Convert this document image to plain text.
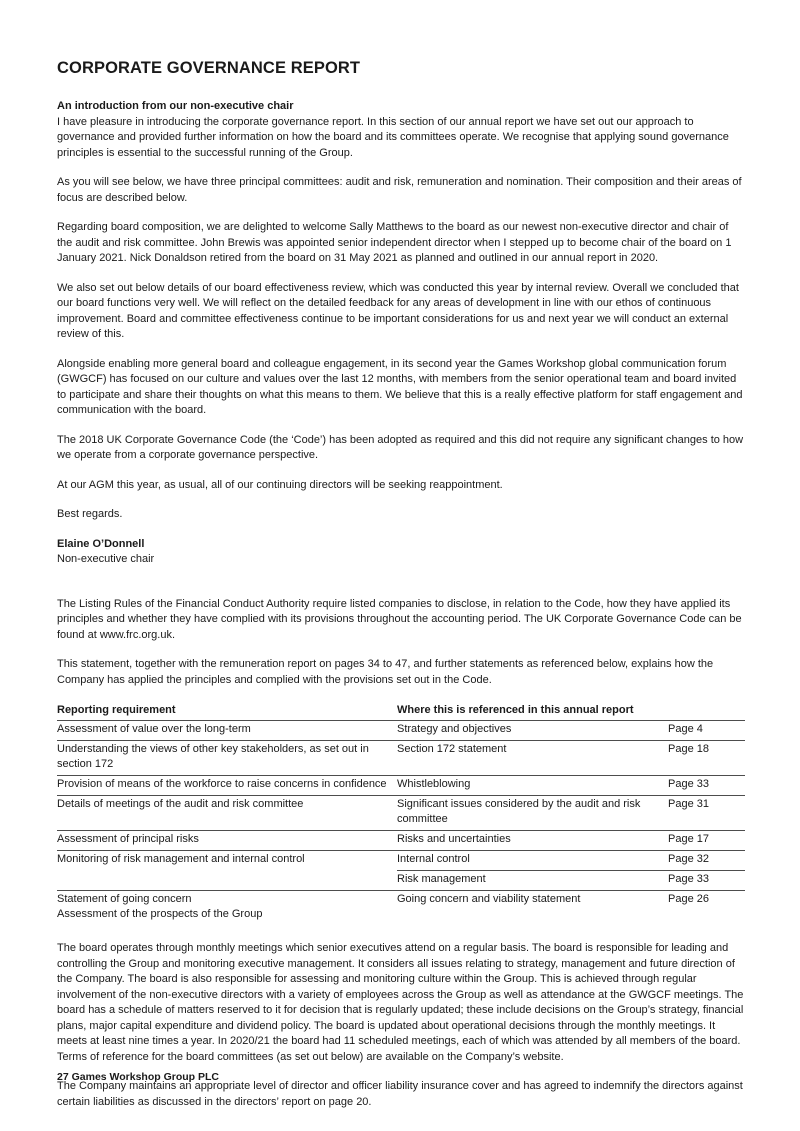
CORPORATE GOVERNANCE REPORT
An introduction from our non-executive chair

I have pleasure in introducing the corporate governance report. In this section of our annual report we have set out our approach to governance and provided further information on how the board and its committees operate. We recognise that applying sound governance principles is essential to the successful running of the Group.

As you will see below, we have three principal committees: audit and risk, remuneration and nomination. Their composition and their areas of focus are described below.

Regarding board composition, we are delighted to welcome Sally Matthews to the board as our newest non-executive director and chair of the audit and risk committee. John Brewis was appointed senior independent director when I stepped up to become chair of the board on 1 January 2021. Nick Donaldson retired from the board on 31 May 2021 as planned and outlined in our annual report in 2020.

We also set out below details of our board effectiveness review, which was conducted this year by internal review. Overall we concluded that our board functions very well. We will reflect on the detailed feedback for any areas of development in line with our ethos of continuous improvement. Board and committee effectiveness continue to be important considerations for us and next year we will conduct an external review of this.

Alongside enabling more general board and colleague engagement, in its second year the Games Workshop global communication forum (GWGCF) has focused on our culture and values over the last 12 months, with members from the senior operational team and board invited to participate and share their thoughts on what this means to them. We believe that this is a really effective platform for staff engagement and communication with the board.

The 2018 UK Corporate Governance Code (the ‘Code’) has been adopted as required and this did not require any significant changes to how we operate from a corporate governance perspective.

At our AGM this year, as usual, all of our continuing directors will be seeking reappointment.

Best regards.

Elaine O’Donnell
Non-executive chair

The Listing Rules of the Financial Conduct Authority require listed companies to disclose, in relation to the Code, how they have applied its principles and whether they have complied with its provisions throughout the accounting period. The UK Corporate Governance Code can be found at www.frc.org.uk.

This statement, together with the remuneration report on pages 34 to 47, and further statements as referenced below, explains how the Company has applied the principles and complied with the provisions set out in the Code.

Reporting requirement	Where this is referenced in this annual report	
Assessment of value over the long-term	Strategy and objectives	Page 4
Understanding the views of other key stakeholders, as set out in section 172	Section 172 statement	Page 18
Provision of means of the workforce to raise concerns in confidence	Whistleblowing	Page 33
Details of meetings of the audit and risk committee	Significant issues considered by the audit and risk committee	Page 31
Assessment of principal risks	Risks and uncertainties	Page 17
Monitoring of risk management and internal control	Internal control	Page 32
	Risk management	Page 33

Statement of going concern
Assessment of the prospects of the Group	Going concern and viability statement	Page 26

The board operates through monthly meetings which senior executives attend on a regular basis. The board is responsible for leading and controlling the Group and monitoring executive management. It considers all issues relating to strategy, management and future direction of the Company. The board is also responsible for assessing and monitoring culture within the Group. This is achieved through regular involvement of the non-executive directors with a variety of employees across the Group as well as attendance at the GWGCF meetings. The board has a schedule of matters reserved to it for decision that is regularly updated; these include decisions on the Group’s strategy, financial plans, major capital expenditure and dividend policy. The board is updated about operational decisions through the monthly meetings. It meets at least nine times a year. In 2020/21 the board had 11 scheduled meetings, each of which was attended by all members of the board. Terms of reference for the board committees (as set out below) are available on the Company’s website.

The Company maintains an appropriate level of director and officer liability insurance cover and has agreed to indemnify the directors against certain liabilities as discussed in the directors’ report on page 20.

27 Games Workshop Group PLC
